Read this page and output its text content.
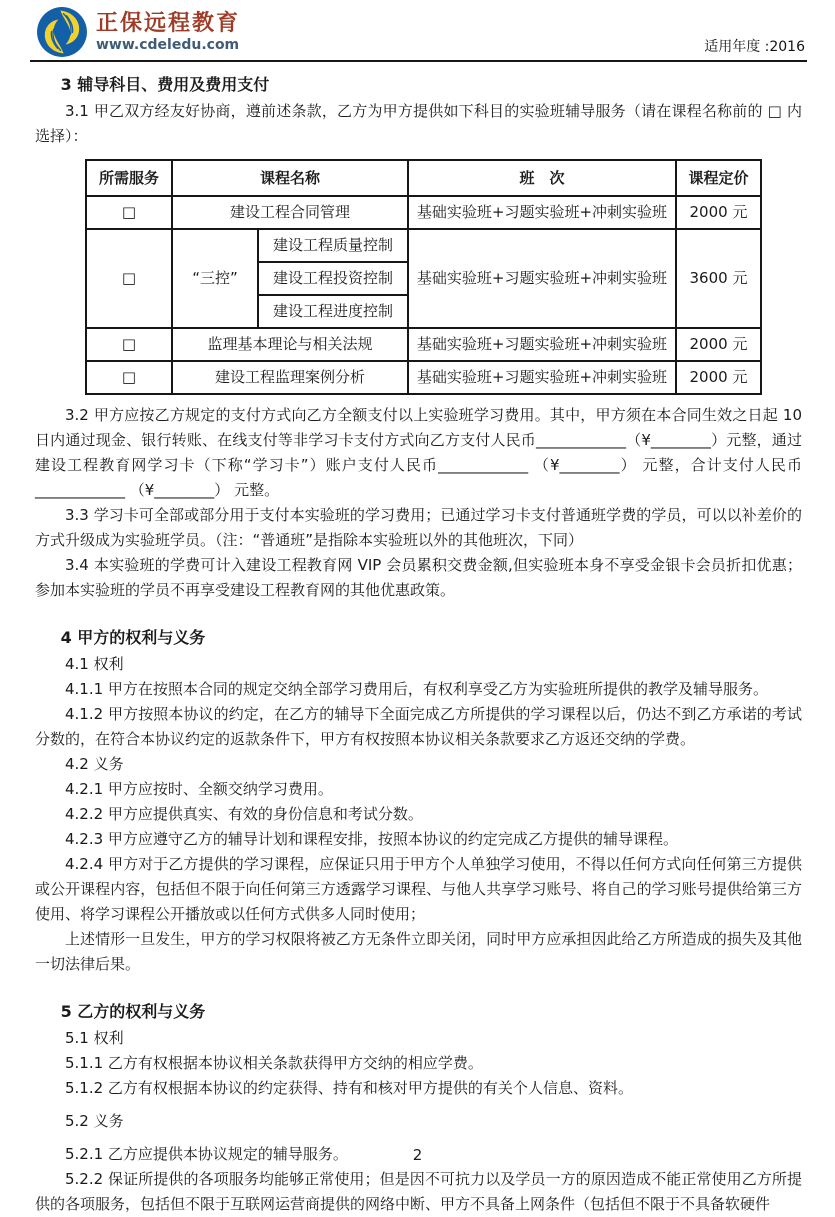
正保远程教育
www.cdeledu.com	适用年度 :2016
3 辅导科目、费用及费用支付

3.1 甲乙双方经友好协商，遵前述条款，乙方为甲方提供如下科目的实验班辅导服务（请在课程名称前的 □ 内选择）：

所需服务	课程名称		班　次	课程定价
□	建设工程合同管理		基础实验班+习题实验班+冲刺实验班	2000 元
□	“三控”	建设工程质量控制	基础实验班+习题实验班+冲刺实验班	3600 元
		建设工程投资控制		
		建设工程进度控制		
□	监理基本理论与相关法规		基础实验班+习题实验班+冲刺实验班	2000 元
□	建设工程监理案例分析		基础实验班+习题实验班+冲刺实验班	2000 元

3.2 甲方应按乙方规定的支付方式向乙方全额支付以上实验班学习费用。其中，甲方须在本合同生效之日起 10 日内通过现金、银行转账、在线支付等非学习卡支付方式向乙方支付人民币____________（¥________）元整，通过建设工程教育网学习卡（下称“学习卡”）账户支付人民币____________ （¥________） 元整，合计支付人民币____________ （¥________） 元整。

3.3 学习卡可全部或部分用于支付本实验班的学习费用；已通过学习卡支付普通班学费的学员，可以以补差价的方式升级成为实验班学员。（注：“普通班”是指除本实验班以外的其他班次，下同）

3.4 本实验班的学费可计入建设工程教育网 VIP 会员累积交费金额,但实验班本身不享受金银卡会员折扣优惠；参加本实验班的学员不再享受建设工程教育网的其他优惠政策。

4 甲方的权利与义务

4.1 权利

4.1.1 甲方在按照本合同的规定交纳全部学习费用后，有权利享受乙方为实验班所提供的教学及辅导服务。

4.1.2 甲方按照本协议的约定，在乙方的辅导下全面完成乙方所提供的学习课程以后，仍达不到乙方承诺的考试分数的，在符合本协议约定的返款条件下，甲方有权按照本协议相关条款要求乙方返还交纳的学费。

4.2 义务

4.2.1 甲方应按时、全额交纳学习费用。

4.2.2 甲方应提供真实、有效的身份信息和考试分数。

4.2.3 甲方应遵守乙方的辅导计划和课程安排，按照本协议的约定完成乙方提供的辅导课程。

4.2.4 甲方对于乙方提供的学习课程，应保证只用于甲方个人单独学习使用，不得以任何方式向任何第三方提供或公开课程内容，包括但不限于向任何第三方透露学习课程、与他人共享学习账号、将自己的学习账号提供给第三方使用、将学习课程公开播放或以任何方式供多人同时使用；

上述情形一旦发生，甲方的学习权限将被乙方无条件立即关闭，同时甲方应承担因此给乙方所造成的损失及其他一切法律后果。

5 乙方的权利与义务

5.1 权利

5.1.1 乙方有权根据本协议相关条款获得甲方交纳的相应学费。

5.1.2 乙方有权根据本协议的约定获得、持有和核对甲方提供的有关个人信息、资料。

5.2 义务

5.2.1 乙方应提供本协议规定的辅导服务。

5.2.2 保证所提供的各项服务均能够正常使用；但是因不可抗力以及学员一方的原因造成不能正常使用乙方所提供的各项服务，包括但不限于互联网运营商提供的网络中断、甲方不具备上网条件（包括但不限于不具备软硬件

2
